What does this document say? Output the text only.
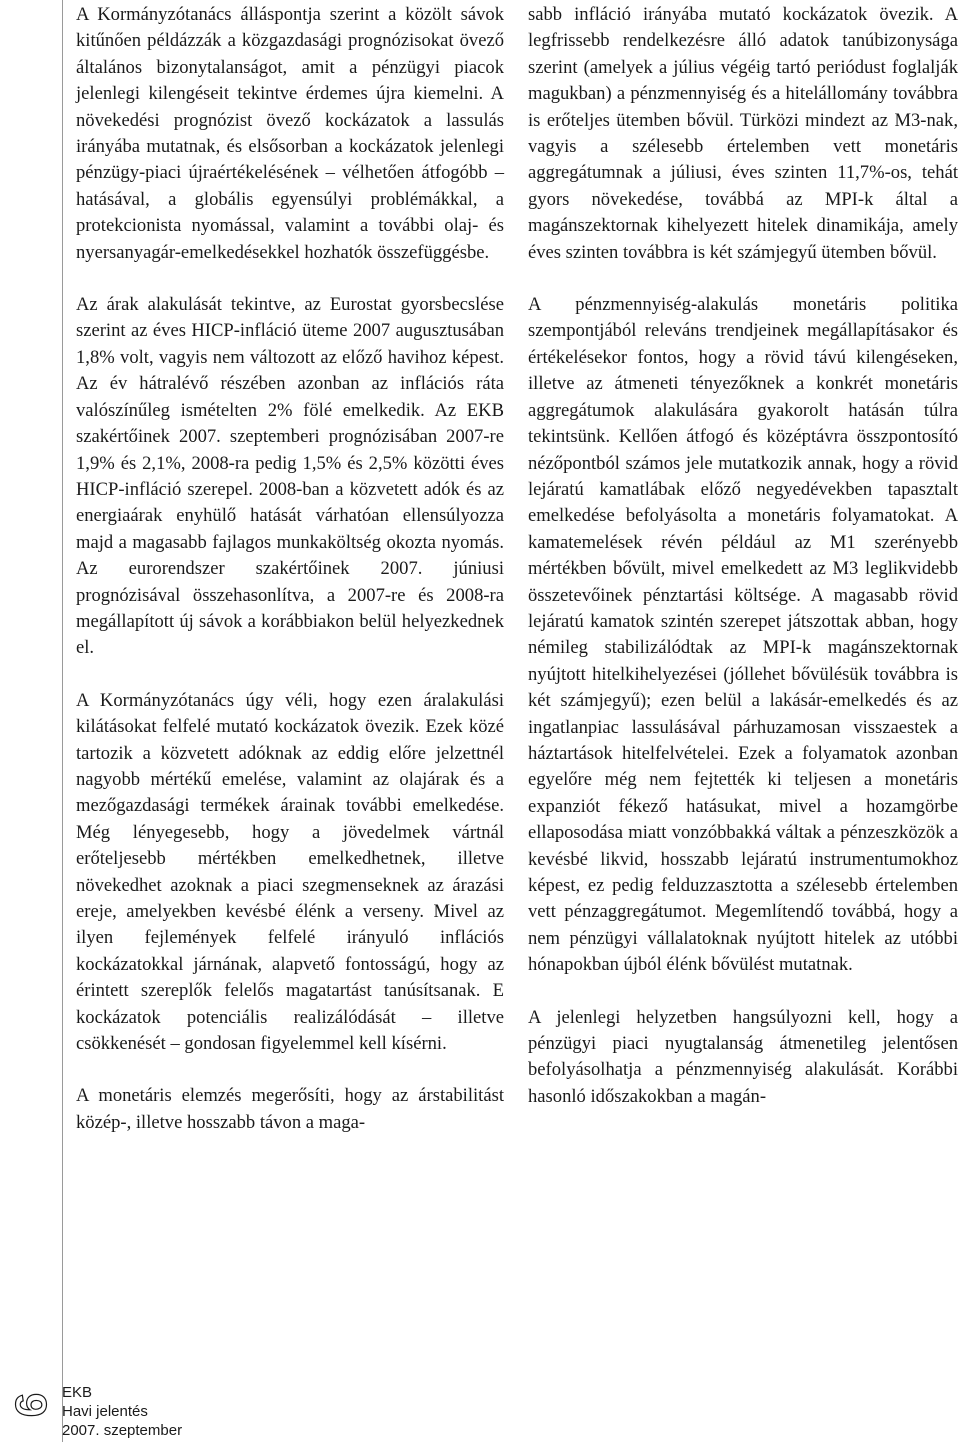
6
EKB
Havi jelentés
2007. szeptember

A Kormányzótanács álláspontja szerint a közölt sávok kitűnően példázzák a közgazdasági prognózisokat övező általános bizonytalanságot, amit a pénzügyi piacok jelenlegi kilengéseit tekintve érdemes újra kiemelni. A növekedési prognózist övező kockázatok a lassulás irányába mutatnak, és elsősorban a kockázatok jelenlegi pénzügy-piaci újraértékelésének – vélhetően átfogóbb – hatásával, a globális egyensúlyi problémákkal, a protekcionista nyomással, valamint a további olaj- és nyersanyagár-emelkedésekkel hozhatók összefüggésbe.

Az árak alakulását tekintve, az Eurostat gyorsbecslése szerint az éves HICP-infláció üteme 2007 augusztusában 1,8% volt, vagyis nem változott az előző havihoz képest. Az év hátralévő részében azonban az inflációs ráta valószínűleg ismételten 2% fölé emelkedik. Az EKB szakértőinek 2007. szeptemberi prognózisában 2007-re 1,9% és 2,1%, 2008-ra pedig 1,5% és 2,5% közötti éves HICP-infláció szerepel. 2008-ban a közvetett adók és az energiaárak enyhülő hatását várhatóan ellensúlyozza majd a magasabb fajlagos munkaköltség okozta nyomás. Az eurorendszer szakértőinek 2007. júniusi prognózisával összehasonlítva, a 2007-re és 2008-ra megállapított új sávok a korábbiakon belül helyezkednek el.

A Kormányzótanács úgy véli, hogy ezen áralakulási kilátásokat felfelé mutató kockázatok övezik. Ezek közé tartozik a közvetett adóknak az eddig előre jelzettnél nagyobb mértékű emelése, valamint az olajárak és a mezőgazdasági termékek árainak további emelkedése. Még lényegesebb, hogy a jövedelmek vártnál erőteljesebb mértékben emelkedhetnek, illetve növekedhet azoknak a piaci szegmenseknek az árazási ereje, amelyekben kevésbé élénk a verseny. Mivel az ilyen fejlemények felfelé irányuló inflációs kockázatokkal járnának, alapvető fontosságú, hogy az érintett szereplők felelős magatartást tanúsítsanak. E kockázatok potenciális realizálódását – illetve csökkenését – gondosan figyelemmel kell kísérni.

A monetáris elemzés megerősíti, hogy az árstabilitást közép-, illetve hosszabb távon a maga-

sabb infláció irányába mutató kockázatok övezik. A legfrissebb rendelkezésre álló adatok tanúbizonysága szerint (amelyek a július végéig tartó periódust foglalják magukban) a pénzmennyiség és a hitelállomány továbbra is erőteljes ütemben bővül. Türközi mindezt az M3-nak, vagyis a szélesebb értelemben vett monetáris aggregátumnak a júliusi, éves szinten 11,7%-os, tehát gyors növekedése, továbbá az MPI-k által a magánszektornak kihelyezett hitelek dinamikája, amely éves szinten továbbra is két számjegyű ütemben bővül.

A pénzmennyiség-alakulás monetáris politika szempontjából releváns trendjeinek megállapításakor és értékelésekor fontos, hogy a rövid távú kilengéseken, illetve az átmeneti tényezőknek a konkrét monetáris aggregátumok alakulására gyakorolt hatásán túlra tekintsünk. Kellően átfogó és középtávra összpontosító nézőpontból számos jele mutatkozik annak, hogy a rövid lejáratú kamatlábak előző negyedévekben tapasztalt emelkedése befolyásolta a monetáris folyamatokat. A kamatemelések révén például az M1 szerényebb mértékben bővült, mivel emelkedett az M3 leglikvidebb összetevőinek pénztartási költsége. A magasabb rövid lejáratú kamatok szintén szerepet játszottak abban, hogy némileg stabilizálódtak az MPI-k magánszektornak nyújtott hitelkihelyezései (jóllehet bővülésük továbbra is két számjegyű); ezen belül a lakásár-emelkedés és az ingatlanpiac lassulásával párhuzamosan visszaestek a háztartások hitelfelvételei. Ezek a folyamatok azonban egyelőre még nem fejtették ki teljesen a monetáris expanziót fékező hatásukat, mivel a hozamgörbe ellaposodása miatt vonzóbbakká váltak a pénzeszközök a kevésbé likvid, hosszabb lejáratú instrumentumokhoz képest, ez pedig felduzzasztotta a szélesebb értelemben vett pénzaggregátumot. Megemlítendő továbbá, hogy a nem pénzügyi vállalatoknak nyújtott hitelek az utóbbi hónapokban újból élénk bővülést mutatnak.

A jelenlegi helyzetben hangsúlyozni kell, hogy a pénzügyi piaci nyugtalanság átmenetileg jelentősen befolyásolhatja a pénzmennyiség alakulását. Korábbi hasonló időszakokban a magán-
